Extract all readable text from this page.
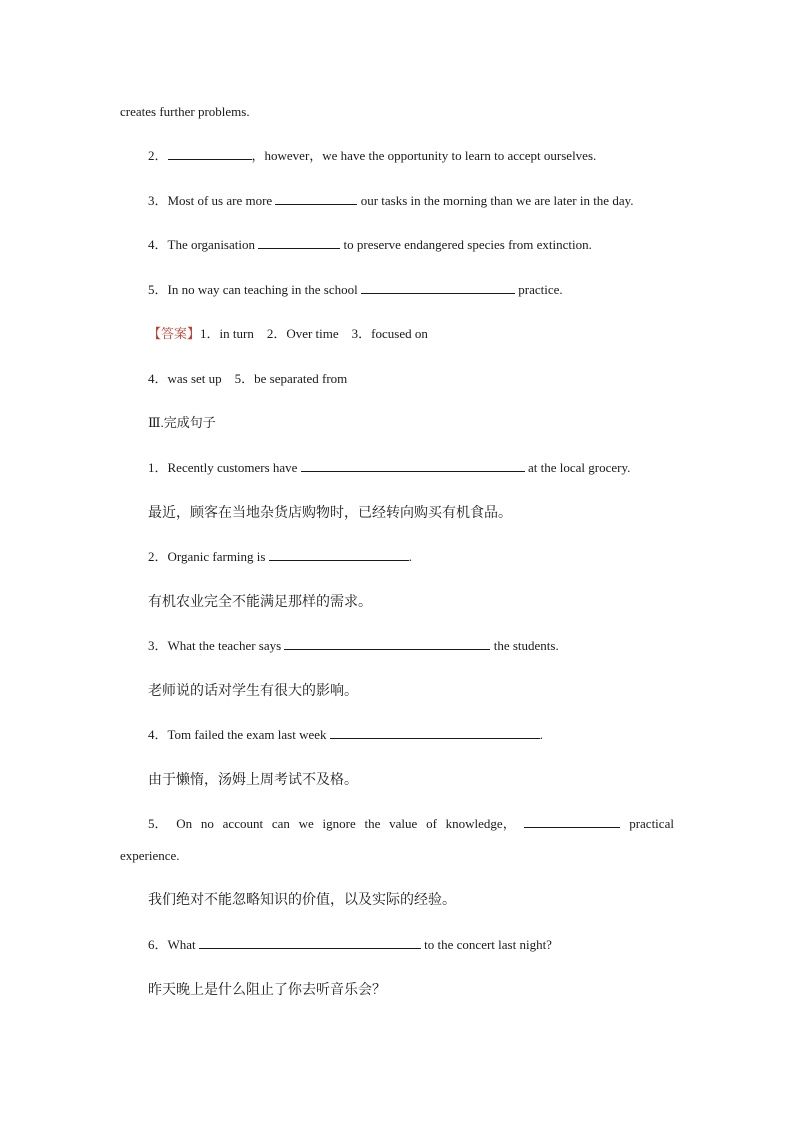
creates further problems.
2．	，however，we have the opportunity to learn to accept ourselves.
3．Most of us are more	our tasks in the morning than we are later in the day.
4．The organisation	to preserve endangered species from extinction.
5．In no way can teaching in the school	practice.
【答案】1．in turn　2．Over time　3．focused on
4．was set up　5．be separated from
Ⅲ.完成句子
1．Recently customers have	at the local grocery.
最近，顾客在当地杂货店购物时，已经转向购买有机食品。
2．Organic farming is	.
有机农业完全不能满足那样的需求。
3．What the teacher says	the students.
老师说的话对学生有很大的影响。
4．Tom failed the exam last week	.
由于懒惰，汤姆上周考试不及格。
5． On no account can we ignore the value of knowledge，	practical
experience.
我们绝对不能忽略知识的价值，以及实际的经验。
6．What	to the concert last night?
昨天晚上是什么阻止了你去听音乐会？
